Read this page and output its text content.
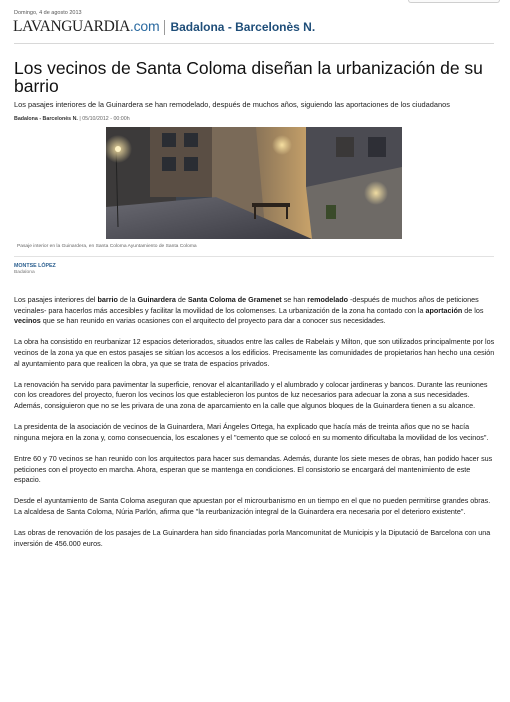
Domingo, 4 de agosto 2013
LAVANGUARDIA.com Badalona - Barcelonès N.
Los vecinos de Santa Coloma diseñan la urbanización de su barrio
Los pasajes interiores de la Guinardera se han remodelado, después de muchos años, siguiendo las aportaciones de los ciudadanos
Badalona - Barcelonès N. | 05/10/2012 - 00:00h
Pasaje interior en la Guinardera, en Santa Coloma Ayuntamiento de Santa Coloma
MONTSE LÓPEZ
Badalona

Los pasajes interiores del barrio de la Guinardera de Santa Coloma de Gramenet se han remodelado -después de muchos años de peticiones vecinales- para hacerlos más accesibles y facilitar la movilidad de los colomenses. La urbanización de la zona ha contado con la aportación de los vecinos que se han reunido en varias ocasiones con el arquitecto del proyecto para dar a conocer sus necesidades.

La obra ha consistido en reurbanizar 12 espacios deteriorados, situados entre las calles de Rabelais y Milton, que son utilizados principalmente por los vecinos de la zona ya que en estos pasajes se sitúan los accesos a los edificios. Precisamente las comunidades de propietarios han hecho una cesión al ayuntamiento para que realicen la obra, ya que se trata de espacios privados.

La renovación ha servido para pavimentar la superficie, renovar el alcantarillado y el alumbrado y colocar jardineras y bancos. Durante las reuniones con los creadores del proyecto, fueron los vecinos los que establecieron los puntos de luz necesarios para adecuar la zona a sus necesidades. Además, consiguieron que no se les privara de una zona de aparcamiento en la calle que algunos bloques de la Guinardera tienen a su alcance.

La presidenta de la asociación de vecinos de la Guinardera, Mari Ángeles Ortega, ha explicado que hacía más de treinta años que no se hacía ninguna mejora en la zona y, como consecuencia, los escalones y el "cemento que se colocó en su momento dificultaba la movilidad de los vecinos".

Entre 60 y 70 vecinos se han reunido con los arquitectos para hacer sus demandas. Además, durante los siete meses de obras, han podido hacer sus peticiones con el proyecto en marcha. Ahora, esperan que se mantenga en condiciones. El consistorio se encargará del mantenimiento de este espacio.

Desde el ayuntamiento de Santa Coloma aseguran que apuestan por el microurbanismo en un tiempo en el que no pueden permitirse grandes obras. La alcaldesa de Santa Coloma, Núria Parlón, afirma que "la reurbanización integral de la Guinardera era necesaria por el deterioro existente".

Las obras de renovación de los pasajes de La Guinardera han sido financiadas porla Mancomunitat de Municipis y la Diputació de Barcelona con una inversión de 456.000 euros.
